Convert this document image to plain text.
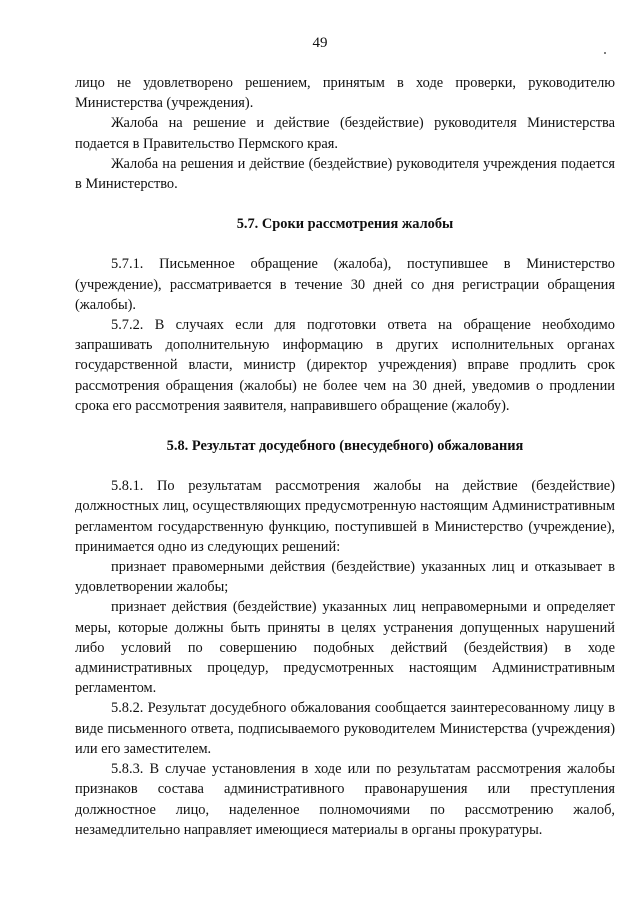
49

лицо не удовлетворено решением, принятым в ходе проверки, руководителю Министерства (учреждения).

Жалоба на решение и действие (бездействие) руководителя Министерства подается в Правительство Пермского края.

Жалоба на решения и действие (бездействие) руководителя учреждения подается в Министерство.

5.7. Сроки рассмотрения жалобы

5.7.1. Письменное обращение (жалоба), поступившее в Министерство (учреждение), рассматривается в течение 30 дней со дня регистрации обращения (жалобы).

5.7.2. В случаях если для подготовки ответа на обращение необходимо запрашивать дополнительную информацию в других исполнительных органах государственной власти, министр (директор учреждения) вправе продлить срок рассмотрения обращения (жалобы) не более чем на 30 дней, уведомив о продлении срока его рассмотрения заявителя, направившего обращение (жалобу).

5.8. Результат досудебного (внесудебного) обжалования

5.8.1. По результатам рассмотрения жалобы на действие (бездействие) должностных лиц, осуществляющих предусмотренную настоящим Административным регламентом государственную функцию, поступившей в Министерство (учреждение), принимается одно из следующих решений:

признает правомерными действия (бездействие) указанных лиц и отказывает в удовлетворении жалобы;

признает действия (бездействие) указанных лиц неправомерными и определяет меры, которые должны быть приняты в целях устранения допущенных нарушений либо условий по совершению подобных действий (бездействия) в ходе административных процедур, предусмотренных настоящим Административным регламентом.

5.8.2. Результат досудебного обжалования сообщается заинтересованному лицу в виде письменного ответа, подписываемого руководителем Министерства (учреждения) или его заместителем.

5.8.3. В случае установления в ходе или по результатам рассмотрения жалобы признаков состава административного правонарушения или преступления должностное лицо, наделенное полномочиями по рассмотрению жалоб, незамедлительно направляет имеющиеся материалы в органы прокуратуры.
